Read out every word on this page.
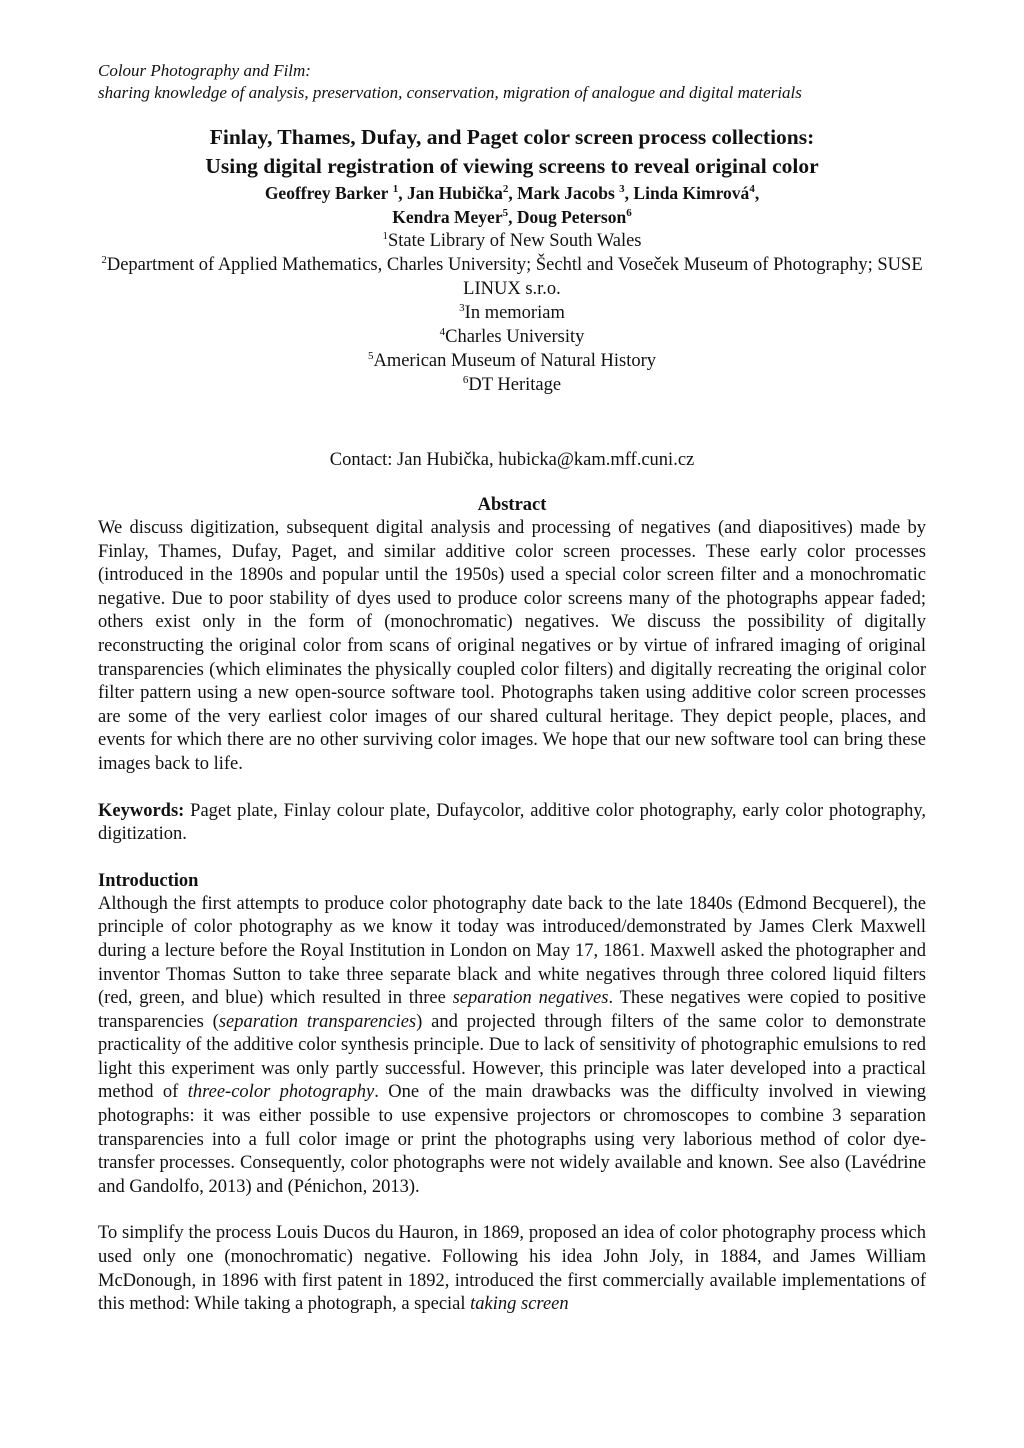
Colour Photography and Film:
sharing knowledge of analysis, preservation, conservation, migration of analogue and digital materials
Finlay, Thames, Dufay, and Paget color screen process collections:
Using digital registration of viewing screens to reveal original color
Geoffrey Barker $^1$, Jan Hubička$^2$, Mark Jacobs $^3$, Linda Kimrová$^4$,
Kendra Meyer$^5$, Doug Peterson$^6$
$^1$State Library of New South Wales
$^2$Department of Applied Mathematics, Charles University; Šechtl and Voseček Museum of Photography; SUSE LINUX s.r.o.
$^3$In memoriam
$^4$Charles University
$^5$American Museum of Natural History
$^6$DT Heritage
Contact: Jan Hubička, hubicka@kam.mff.cuni.cz
Abstract
We discuss digitization, subsequent digital analysis and processing of negatives (and diapositives) made by Finlay, Thames, Dufay, Paget, and similar additive color screen processes. These early color processes (introduced in the 1890s and popular until the 1950s) used a special color screen filter and a monochromatic negative. Due to poor stability of dyes used to produce color screens many of the photographs appear faded; others exist only in the form of (monochromatic) negatives. We discuss the possibility of digitally reconstructing the original color from scans of original negatives or by virtue of infrared imaging of original transparencies (which eliminates the physically coupled color filters) and digitally recreating the original color filter pattern using a new open-source software tool. Photographs taken using additive color screen processes are some of the very earliest color images of our shared cultural heritage. They depict people, places, and events for which there are no other surviving color images. We hope that our new software tool can bring these images back to life.
Keywords: Paget plate, Finlay colour plate, Dufaycolor, additive color photography, early color photography, digitization.
Introduction
Although the first attempts to produce color photography date back to the late 1840s (Edmond Becquerel), the principle of color photography as we know it today was introduced/demonstrated by James Clerk Maxwell during a lecture before the Royal Institution in London on May 17, 1861. Maxwell asked the photographer and inventor Thomas Sutton to take three separate black and white negatives through three colored liquid filters (red, green, and blue) which resulted in three separation negatives. These negatives were copied to positive transparencies (separation transparencies) and projected through filters of the same color to demonstrate practicality of the additive color synthesis principle. Due to lack of sensitivity of photographic emulsions to red light this experiment was only partly successful. However, this principle was later developed into a practical method of three-color photography. One of the main drawbacks was the difficulty involved in viewing photographs: it was either possible to use expensive projectors or chromoscopes to combine 3 separation transparencies into a full color image or print the photographs using very laborious method of color dye-transfer processes. Consequently, color photographs were not widely available and known. See also (Lavédrine and Gandolfo, 2013) and (Pénichon, 2013).
To simplify the process Louis Ducos du Hauron, in 1869, proposed an idea of color photography process which used only one (monochromatic) negative. Following his idea John Joly, in 1884, and James William McDonough, in 1896 with first patent in 1892, introduced the first commercially available implementations of this method: While taking a photograph, a special taking screen
